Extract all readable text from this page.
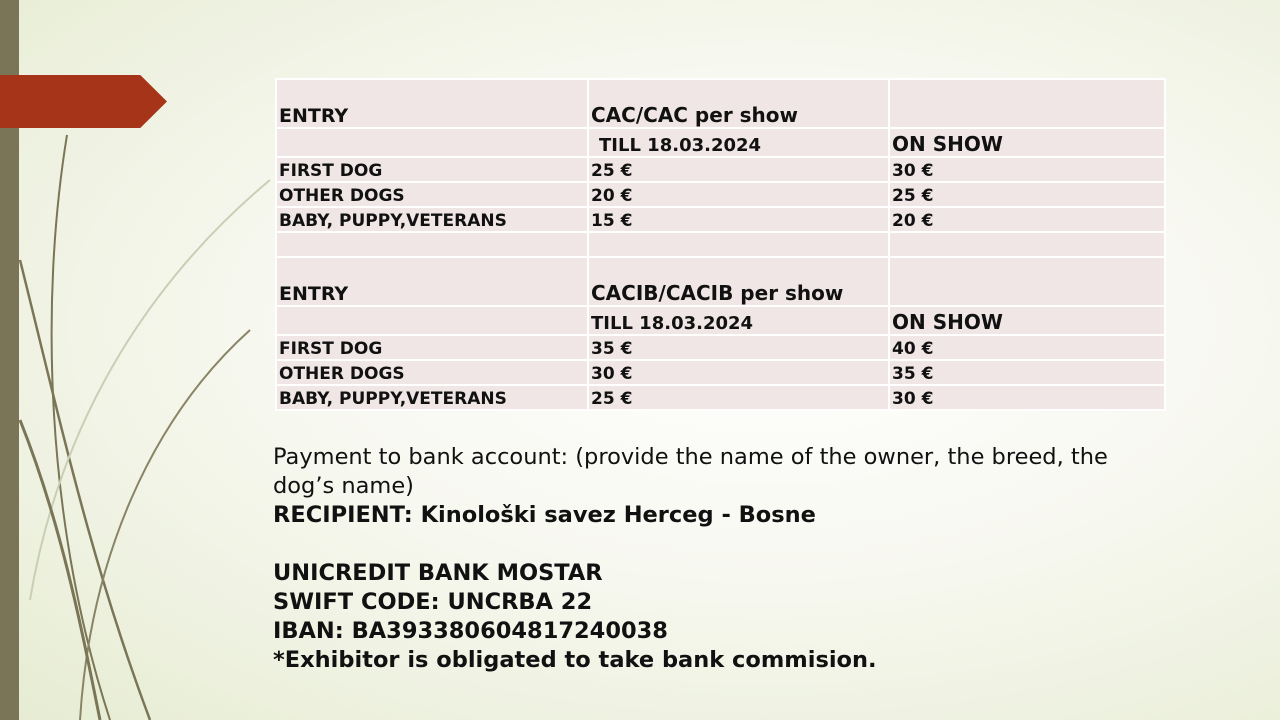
ENTRY	CAC/CAC per show	
	TILL 18.03.2024	ON SHOW
FIRST DOG	25 €	30 €
OTHER DOGS	20 €	25 €
BABY, PUPPY,VETERANS	15 €	20 €

ENTRY	CACIB/CACIB per show	
	TILL 18.03.2024	ON SHOW
FIRST DOG	35 €	40 €
OTHER DOGS	30 €	35 €
BABY, PUPPY,VETERANS	25 €	30 €
Payment to bank account: (provide the name of the owner, the breed, the dog’s name)
RECIPIENT: Kinološki savez Herceg - Bosne
UNICREDIT BANK MOSTAR
SWIFT CODE: UNCRBA 22
IBAN: BA393380604817240038
*Exhibitor is obligated to take bank commision.
